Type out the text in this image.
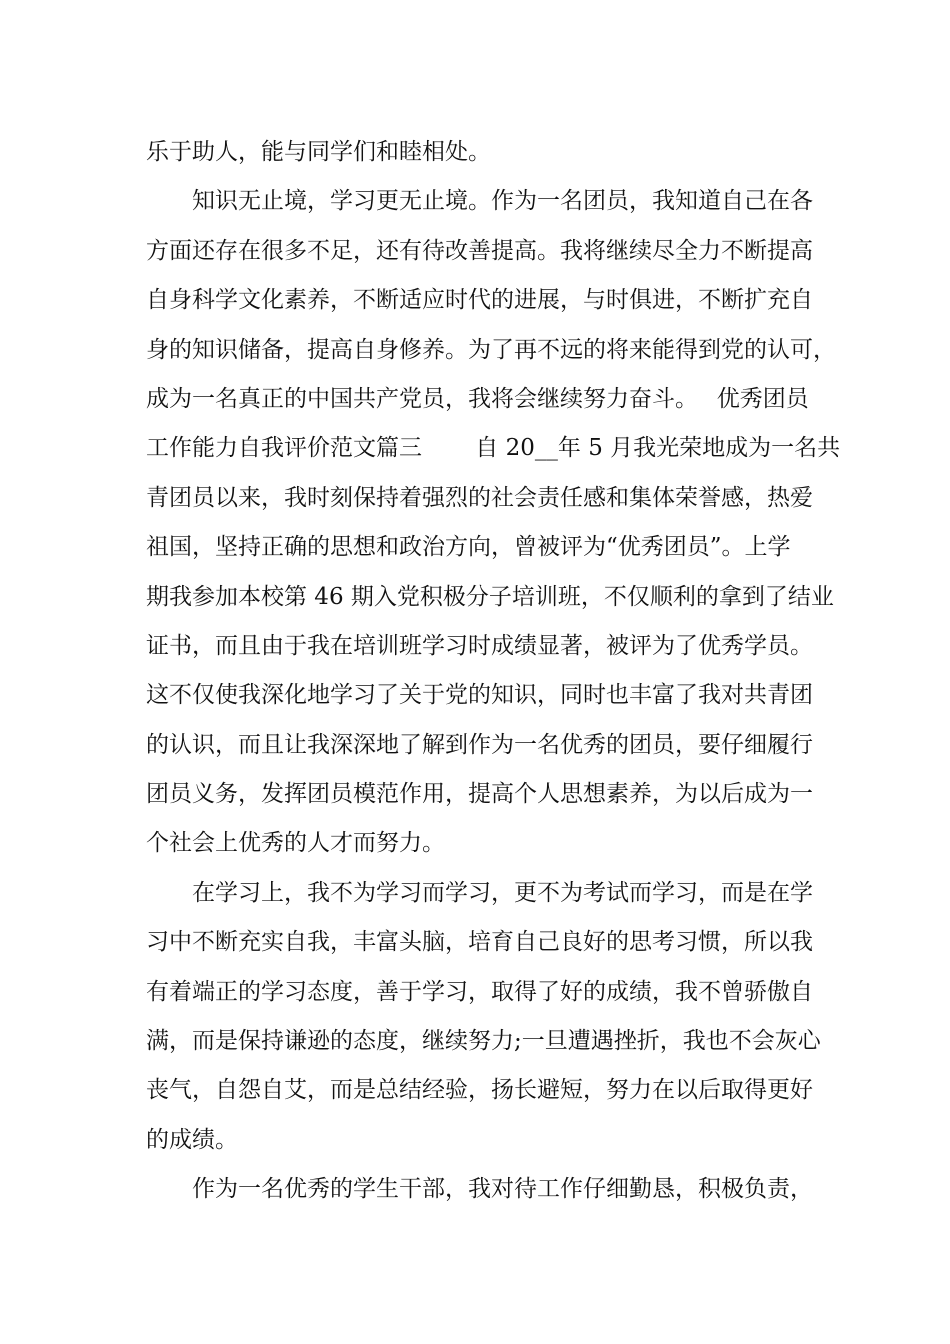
乐于助人，能与同学们和睦相处。
知识无止境，学习更无止境。作为一名团员，我知道自己在各
方面还存在很多不足，还有待改善提高。我将继续尽全力不断提高
自身科学文化素养，不断适应时代的进展，与时俱进，不断扩充自
身的知识储备，提高自身修养。为了再不远的将来能得到党的认可，
成为一名真正的中国共产党员，我将会继续努力奋斗。　 优秀团员
工作能力自我评价范文篇三　　 自 20__年 5 月我光荣地成为一名共
青团员以来，我时刻保持着强烈的社会责任感和集体荣誉感，热爱
祖国，坚持正确的思想和政治方向，曾被评为“优秀团员”。上学
期我参加本校第 46 期入党积极分子培训班，不仅顺利的拿到了结业
证书，而且由于我在培训班学习时成绩显著，被评为了优秀学员。
这不仅使我深化地学习了关于党的知识，同时也丰富了我对共青团
的认识，而且让我深深地了解到作为一名优秀的团员，要仔细履行
团员义务，发挥团员模范作用，提高个人思想素养，为以后成为一
个社会上优秀的人才而努力。
在学习上，我不为学习而学习，更不为考试而学习，而是在学
习中不断充实自我，丰富头脑，培育自己良好的思考习惯，所以我
有着端正的学习态度，善于学习，取得了好的成绩，我不曾骄傲自
满，而是保持谦逊的态度，继续努力;一旦遭遇挫折，我也不会灰心
丧气，自怨自艾，而是总结经验，扬长避短，努力在以后取得更好
的成绩。
作为一名优秀的学生干部，我对待工作仔细勤恳，积极负责，
